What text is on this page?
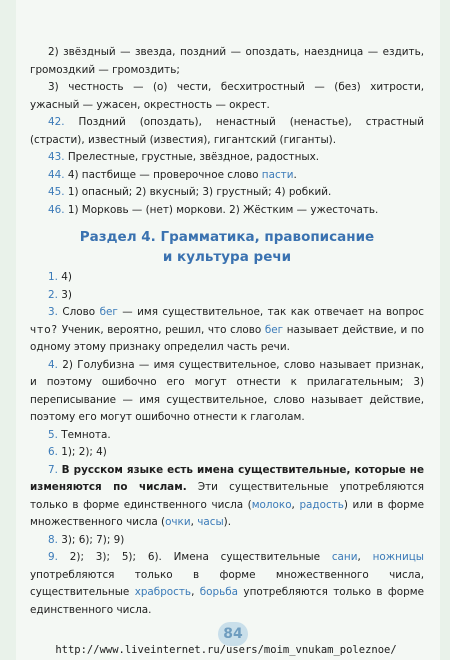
2) звёздный — звезда, поздний — опоздать, наездница — ездить, громоздкий — громоздить;

3) честность — (о) чести, бесхитростный — (без) хитрости, ужасный — ужасен, окрестность — окрест.

42. Поздний (опоздать), ненастный (ненастье), страстный (страсти), известный (известия), гигантский (гиганты).

43. Прелестные, грустные, звёздное, радостных.

44. 4) пастбище — проверочное слово пасти.

45. 1) опасный; 2) вкусный; 3) грустный; 4) робкий.

46. 1) Морковь — (нет) моркови. 2) Жёстким — ужесточать.

Раздел 4. Грамматика, правописание
и культура речи

1. 4)

2. 3)

3. Слово бег — имя существительное, так как отвечает на вопрос что? Ученик, вероятно, решил, что слово бег называет действие, и по одному этому признаку определил часть речи.

4. 2) Голубизна — имя существительное, слово называет признак, и поэтому ошибочно его могут отнести к прилагательным; 3) переписывание — имя существительное, слово называет действие, поэтому его могут ошибочно отнести к глаголам.

5. Темнота.

6. 1); 2); 4)

7. В русском языке есть имена существительные, которые не изменяются по числам. Эти существительные употребляются только в форме единственного числа (молоко, радость) или в форме множественного числа (очки, часы).

8. 3); 6); 7); 9)

9. 2); 3); 5); 6). Имена существительные сани, ножницы употребляются только в форме множественного числа, существительные храбрость, борьба употребляются только в форме единственного числа.

84
http://www.liveinternet.ru/users/moim_vnukam_poleznoe/
